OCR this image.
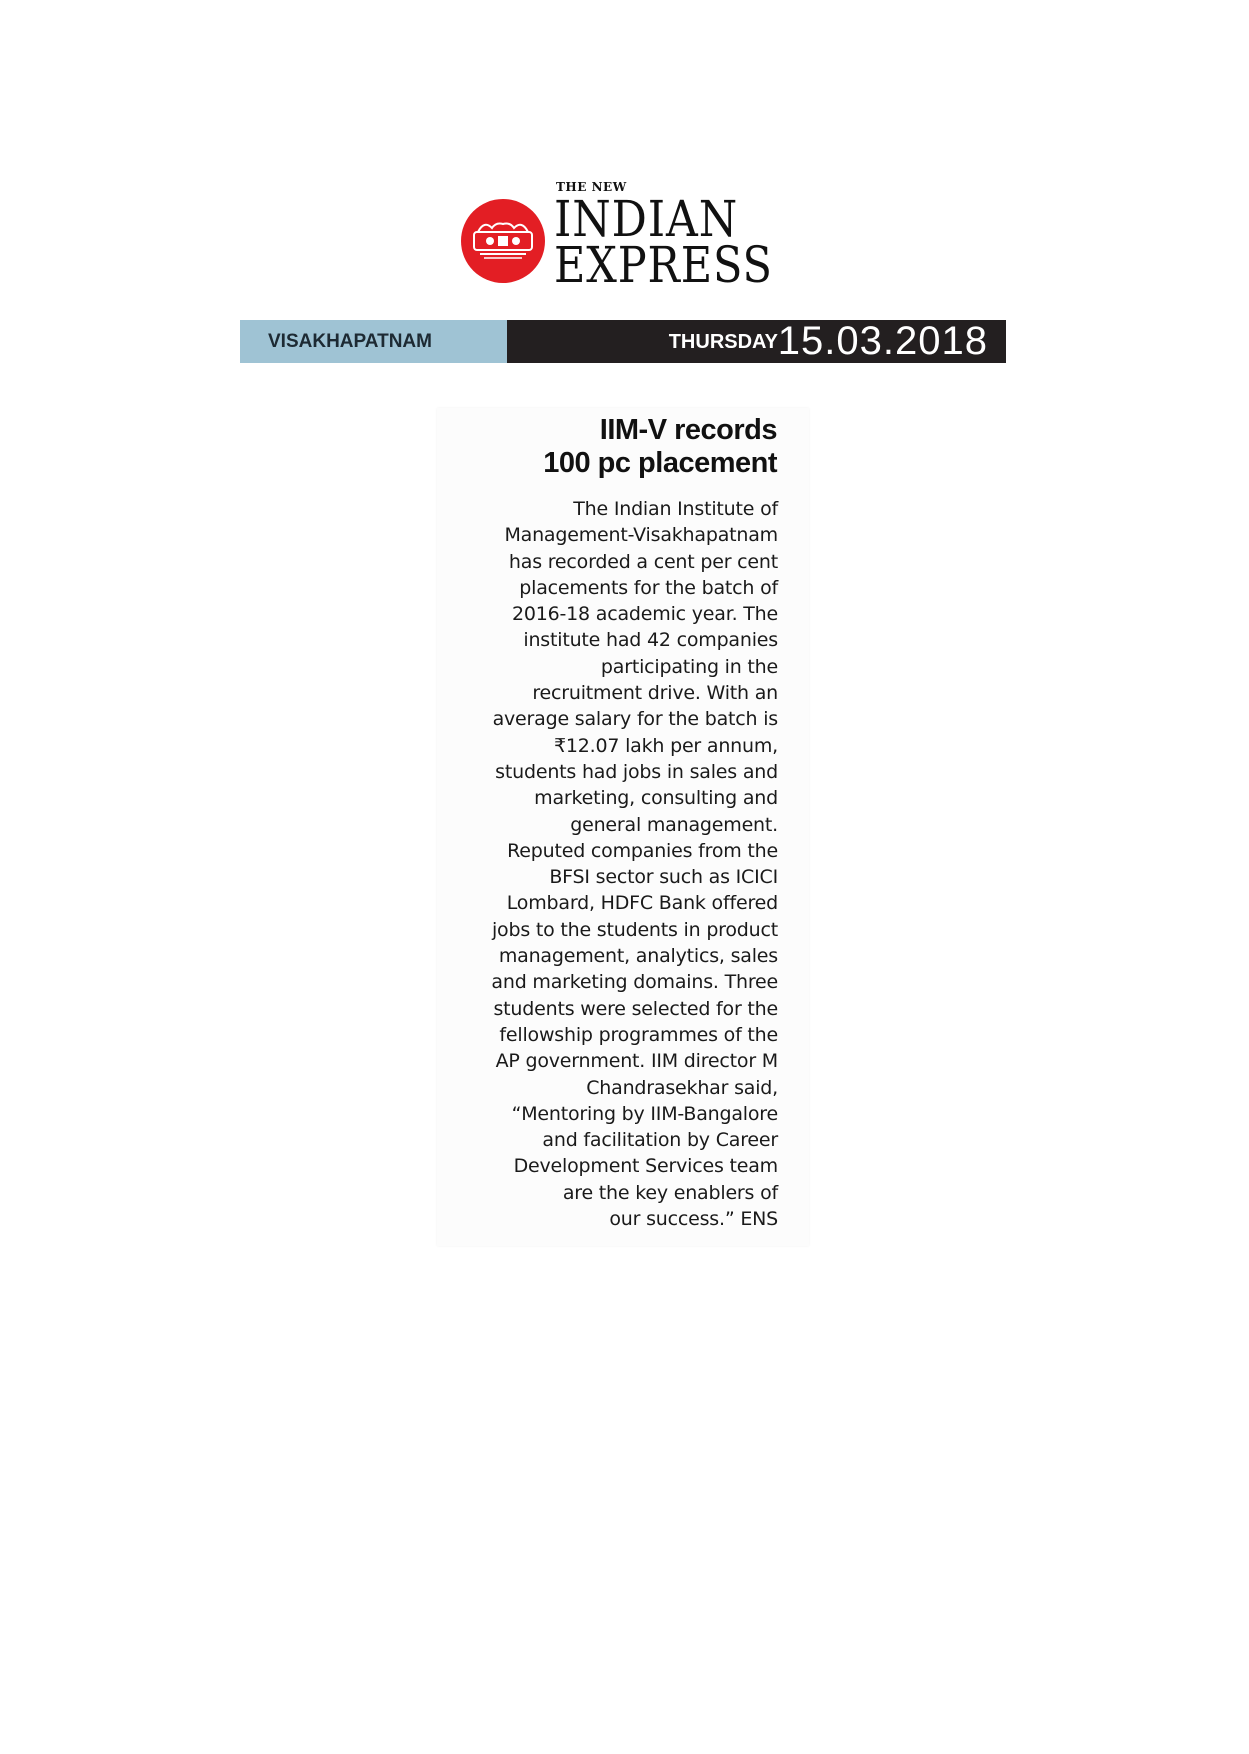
THE NEW
INDIAN
EXPRESS
VISAKHAPATNAM	THURSDAY 15.03.2018
IIM-V records
100 pc placement
The Indian Institute of
Management-Visakhapatnam
has recorded a cent per cent
placements for the batch of
2016-18 academic year. The
institute had 42 companies
participating in the
recruitment drive. With an
average salary for the batch is
₹12.07 lakh per annum,
students had jobs in sales and
marketing, consulting and
general management.
Reputed companies from the
BFSI sector such as ICICI
Lombard, HDFC Bank offered
jobs to the students in product
management, analytics, sales
and marketing domains. Three
students were selected for the
fellowship programmes of the
AP government. IIM director M
Chandrasekhar said,
“Mentoring by IIM-Bangalore
and facilitation by Career
Development Services team
are the key enablers of
our success.” ENS
